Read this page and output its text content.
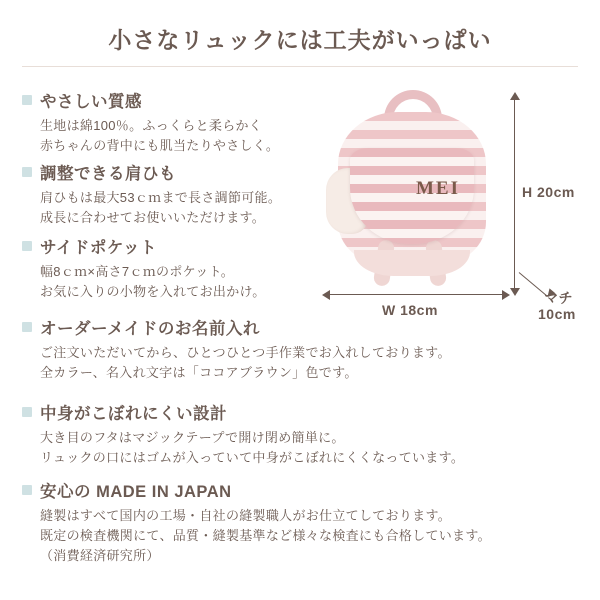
小さなリュックには工夫がいっぱい
やさしい質感
生地は綿100％。ふっくらと柔らかく
赤ちゃんの背中にも肌当たりやさしく。
調整できる肩ひも
肩ひもは最大53ｃｍまで長さ調節可能。
成長に合わせてお使いいただけます。
サイドポケット
幅8ｃｍ×高さ7ｃｍのポケット。
お気に入りの小物を入れてお出かけ。
オーダーメイドのお名前入れ
ご注文いただいてから、ひとつひとつ手作業でお入れしております。
全カラー、名入れ文字は「ココアブラウン」色です。
中身がこぼれにくい設計
大き目のフタはマジックテープで開け閉め簡単に。
リュックの口にはゴムが入っていて中身がこぼれにくくなっています。
安心の MADE IN JAPAN
縫製はすべて国内の工場・自社の縫製職人がお仕立てしております。
既定の検査機関にて、品質・縫製基準など様々な検査にも合格しています。
（消費経済研究所）
MEI	H 20cm
W 18cm
マチ
10cm
